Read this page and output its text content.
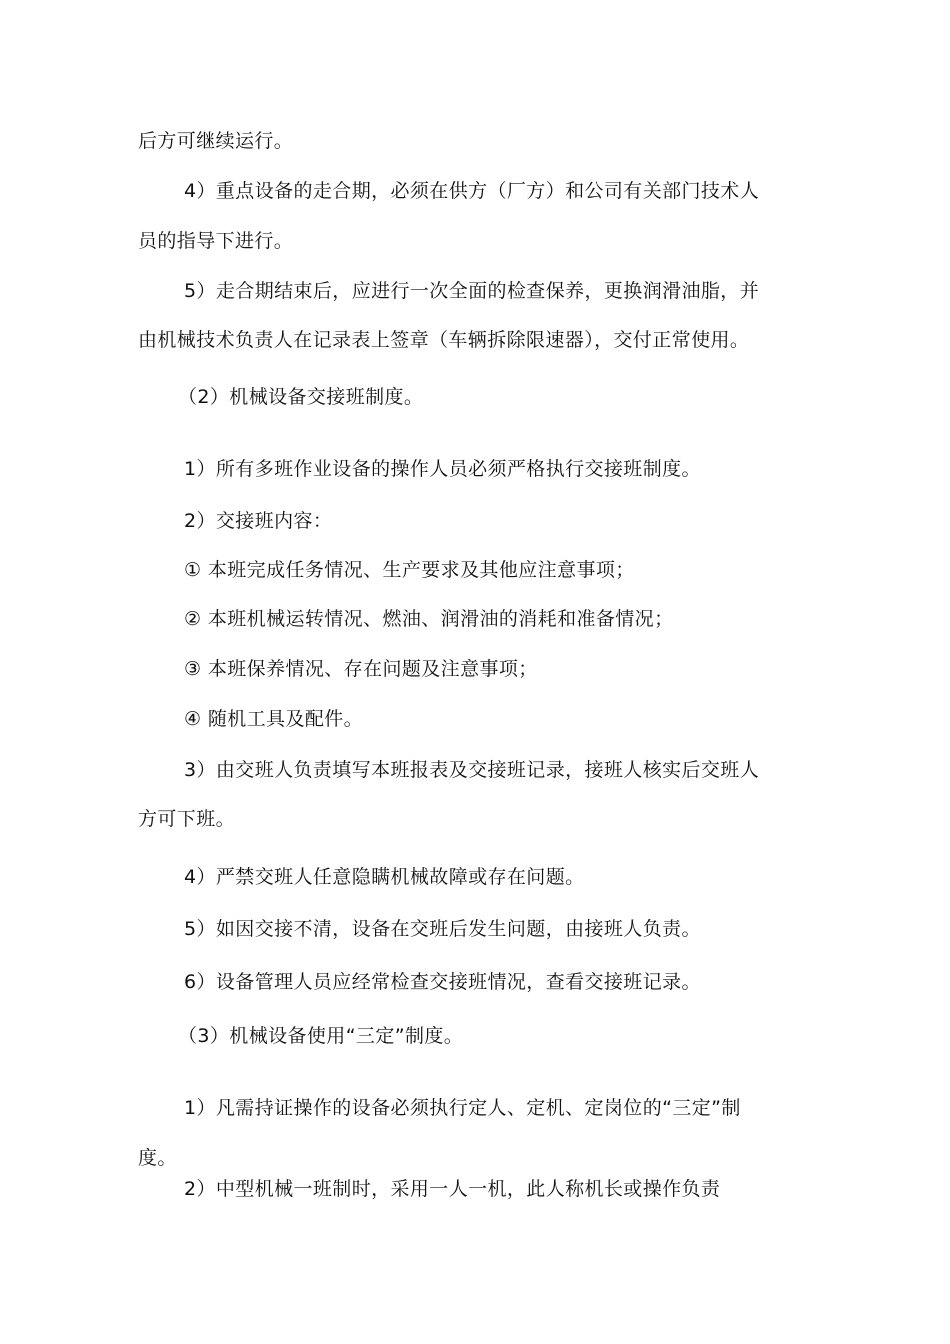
后方可继续运行。
4）重点设备的走合期，必须在供方（厂方）和公司有关部门技术人
员的指导下进行。
5）走合期结束后，应进行一次全面的检查保养，更换润滑油脂，并
由机械技术负责人在记录表上签章（车辆拆除限速器），交付正常使用。
（2）机械设备交接班制度。
1）所有多班作业设备的操作人员必须严格执行交接班制度。
2）交接班内容：
① 本班完成任务情况、生产要求及其他应注意事项；
② 本班机械运转情况、燃油、润滑油的消耗和准备情况；
③ 本班保养情况、存在问题及注意事项；
④ 随机工具及配件。
3）由交班人负责填写本班报表及交接班记录，接班人核实后交班人
方可下班。
4）严禁交班人任意隐瞒机械故障或存在问题。
5）如因交接不清，设备在交班后发生问题，由接班人负责。
6）设备管理人员应经常检查交接班情况，查看交接班记录。
（3）机械设备使用“三定”制度。
1）凡需持证操作的设备必须执行定人、定机、定岗位的“三定”制
度。
2）中型机械一班制时，采用一人一机，此人称机长或操作负责
